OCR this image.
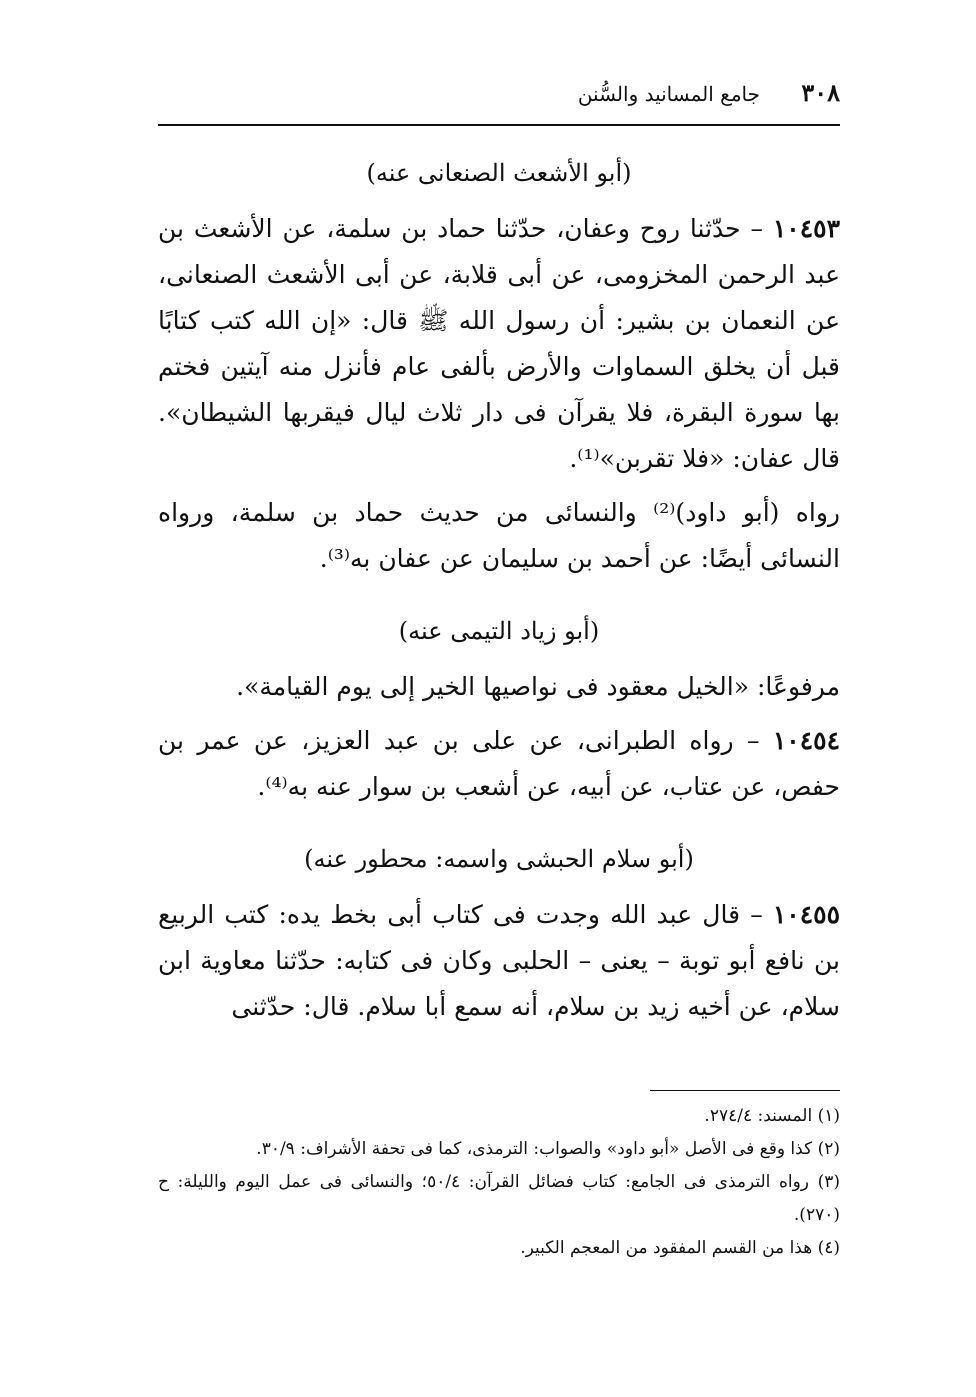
٣٠٨
جامع المسانيد والسُّنن
(أبو الأشعث الصنعانى عنه)

١٠٤٥٣ – حدّثنا روح وعفان، حدّثنا حماد بن سلمة، عن الأشعث بن عبد الرحمن المخزومى، عن أبى قلابة، عن أبى الأشعث الصنعانى، عن النعمان بن بشير: أن رسول الله ﷺ قال: «إن الله كتب كتابًا قبل أن يخلق السماوات والأرض بألفى عام فأنزل منه آيتين فختم بها سورة البقرة، فلا يقرآن فى دار ثلاث ليال فيقربها الشيطان». قال عفان: «فلا تقربن»⁽¹⁾.

رواه (أبو داود)⁽²⁾ والنسائى من حديث حماد بن سلمة، ورواه النسائى أيضًا: عن أحمد بن سليمان عن عفان به⁽³⁾.

(أبو زياد التيمى عنه)

مرفوعًا: «الخيل معقود فى نواصيها الخير إلى يوم القيامة».

١٠٤٥٤ – رواه الطبرانى، عن على بن عبد العزيز، عن عمر بن حفص، عن عتاب، عن أبيه، عن أشعب بن سوار عنه به⁽⁴⁾.

(أبو سلام الحبشى واسمه: محطور عنه)

١٠٤٥٥ – قال عبد الله وجدت فى كتاب أبى بخط يده: كتب الربيع بن نافع أبو توبة – يعنى – الحلبى وكان فى كتابه: حدّثنا معاوية ابن سلام، عن أخيه زيد بن سلام، أنه سمع أبا سلام. قال: حدّثنى

(١) المسند: ٢٧٤/٤.

(٢) كذا وقع فى الأصل «أبو داود» والصواب: الترمذى، كما فى تحفة الأشراف: ٣٠/٩.

(٣) رواه الترمذى فى الجامع: كتاب فضائل القرآن: ٥٠/٤؛ والنسائى فى عمل اليوم والليلة: ح (٢٧٠).

(٤) هذا من القسم المفقود من المعجم الكبير.
